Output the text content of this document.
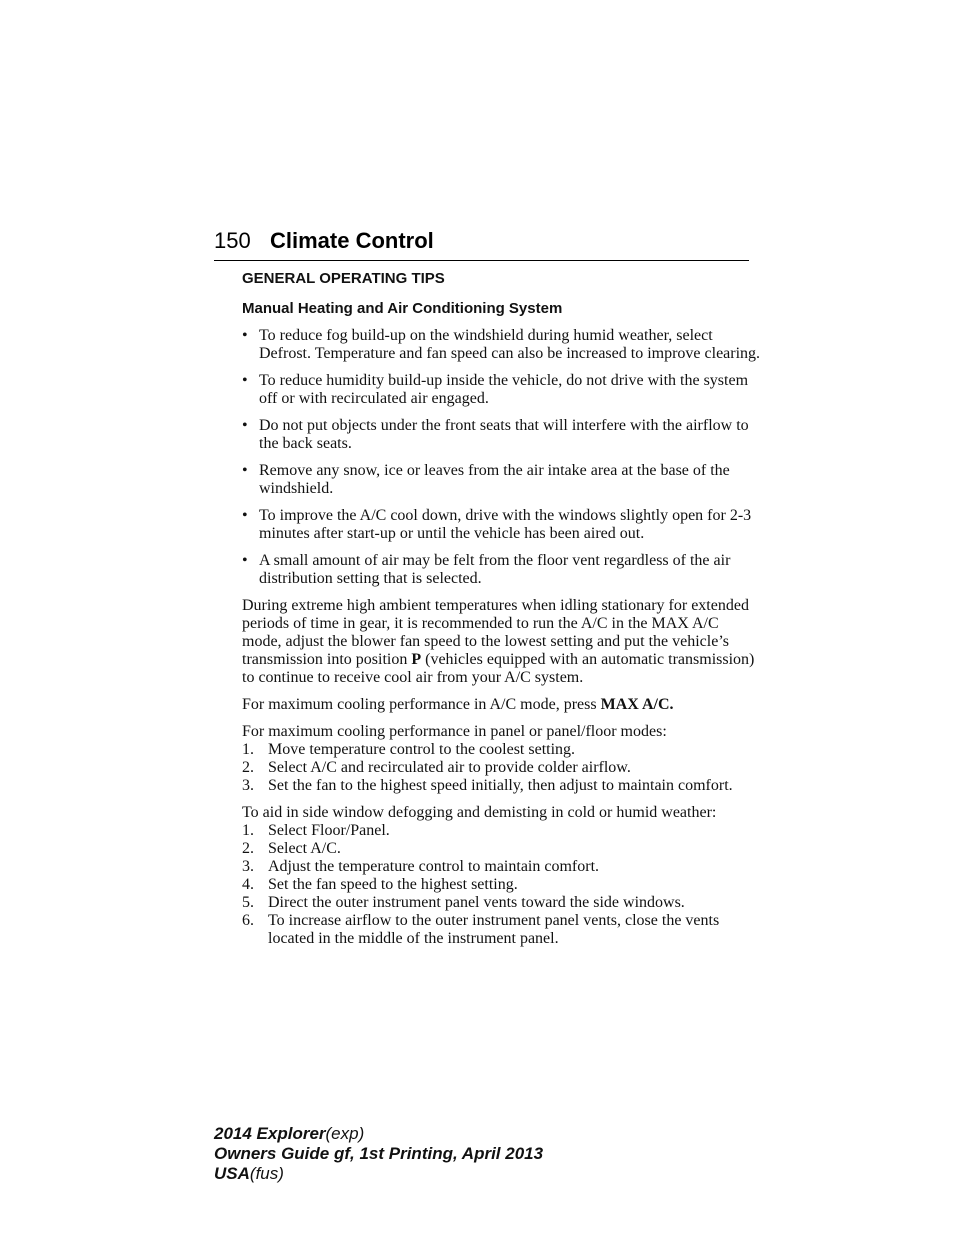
150 Climate Control
GENERAL OPERATING TIPS
Manual Heating and Air Conditioning System
• To reduce fog build-up on the windshield during humid weather, select Defrost. Temperature and fan speed can also be increased to improve clearing.
• To reduce humidity build-up inside the vehicle, do not drive with the system off or with recirculated air engaged.
• Do not put objects under the front seats that will interfere with the airflow to the back seats.
• Remove any snow, ice or leaves from the air intake area at the base of the windshield.
• To improve the A/C cool down, drive with the windows slightly open for 2-3 minutes after start-up or until the vehicle has been aired out.
• A small amount of air may be felt from the floor vent regardless of the air distribution setting that is selected.

During extreme high ambient temperatures when idling stationary for extended periods of time in gear, it is recommended to run the A/C in the MAX A/C mode, adjust the blower fan speed to the lowest setting and put the vehicle’s transmission into position P (vehicles equipped with an automatic transmission) to continue to receive cool air from your A/C system.

For maximum cooling performance in A/C mode, press MAX A/C.

For maximum cooling performance in panel or panel/floor modes:
1. Move temperature control to the coolest setting.
2. Select A/C and recirculated air to provide colder airflow.
3. Set the fan to the highest speed initially, then adjust to maintain comfort.
To aid in side window defogging and demisting in cold or humid weather:
1. Select Floor/Panel.
2. Select A/C.
3. Adjust the temperature control to maintain comfort.
4. Set the fan speed to the highest setting.
5. Direct the outer instrument panel vents toward the side windows.
6. To increase airflow to the outer instrument panel vents, close the vents located in the middle of the instrument panel.
2014 Explorer(exp)
Owners Guide gf, 1st Printing, April 2013
USA(fus)
